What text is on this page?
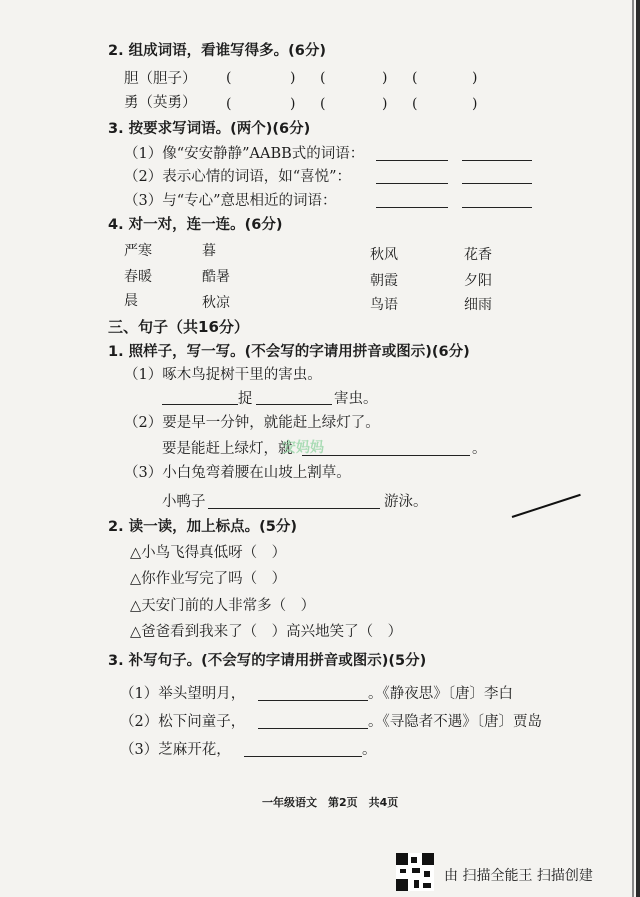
2. 组成词语，看谁写得多。(6分)
胆（胆子） (	) (	) (	)
勇（英勇） (	) (	) (	)
3. 按要求写词语。(两个)(6分)
（1）像“安安静静”AABB式的词语：
（2）表示心情的词语，如“喜悦”：
（3）与“专心”意思相近的词语：
4. 对一对，连一连。(6分)
严寒	暮
春暖	酷暑
晨	秋凉
秋风	花香
朝霞	夕阳
鸟语	细雨
三、句子（共16分）
1. 照样子，写一写。(不会写的字请用拼音或图示)(6分)
（1）啄木鸟捉树干里的害虫。
捉	害虫。
（2）要是早一分钟，就能赶上绿灯了。
要是能赶上绿灯，就	。
安妈妈
（3）小白兔弯着腰在山坡上割草。
小鸭子	游泳。
2. 读一读，加上标点。(5分)
△小鸟飞得真低呀（　）
△你作业写完了吗（　）
△天安门前的人非常多（　）
△爸爸看到我来了（　）高兴地笑了（　）
3. 补写句子。(不会写的字请用拼音或图示)(5分)
（1）举头望明月，	。《静夜思》〔唐〕李白
（2）松下问童子，	。《寻隐者不遇》〔唐〕贾岛
（3）芝麻开花，	。
一年级语文　第2页　共4页
由 扫描全能王 扫描创建
